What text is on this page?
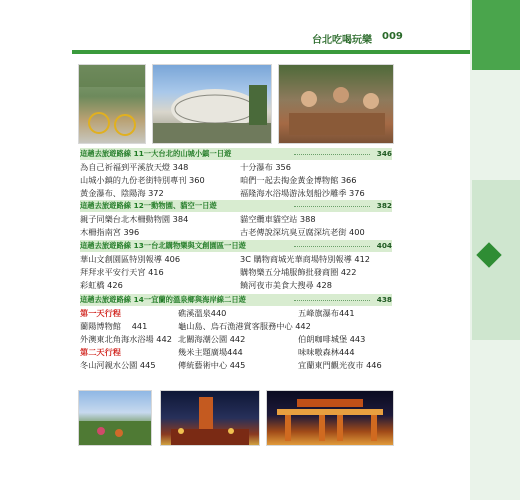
台北吃喝玩樂 009
這趟去旅遊路線 11一大台北的山城小鎮一日遊	346
為自己祈福到平溪放天燈 348	十分瀑布 356
山城小鎮的九份老街特別專刊 360	咱們一起去掏金黃金博物館 366
黃金瀑布、陰陽海 372	福隆海水浴場游泳划船沙雕季 376
這趟去旅遊路線 12一動物園、貓空一日遊	382
親子同樂台北木柵動物園 384	貓空纜車貓空站 388
木柵指南宮 396	古老傳說深坑臭豆腐深坑老街 400
這趟去旅遊路線 13一台北購物樂與文創園區一日遊	404
華山文創園區特別報導 406	3C 購物商城光華商場特別報導 412
拜拜求平安行天宮 416	購物樂五分埔服飾批發商圈 422
彩虹橋 426	饒河夜市美食大搜尋 428
這趟去旅遊路線 14一宜蘭的溫泉鄉與海岸線二日遊	438
第一天行程	礁溪溫泉440	五峰旗瀑布441
蘭陽博物館　 441	龜山島、烏石漁港賞客服務中心 442
外澳東北角海水浴場 442 北關海潮公園 442	伯朗咖啡城堡 443
第二天行程	幾米主題廣場444	味味嗷森林444
冬山河親水公園 445	傳統藝術中心 445	宜蘭東門觀光夜市 446
